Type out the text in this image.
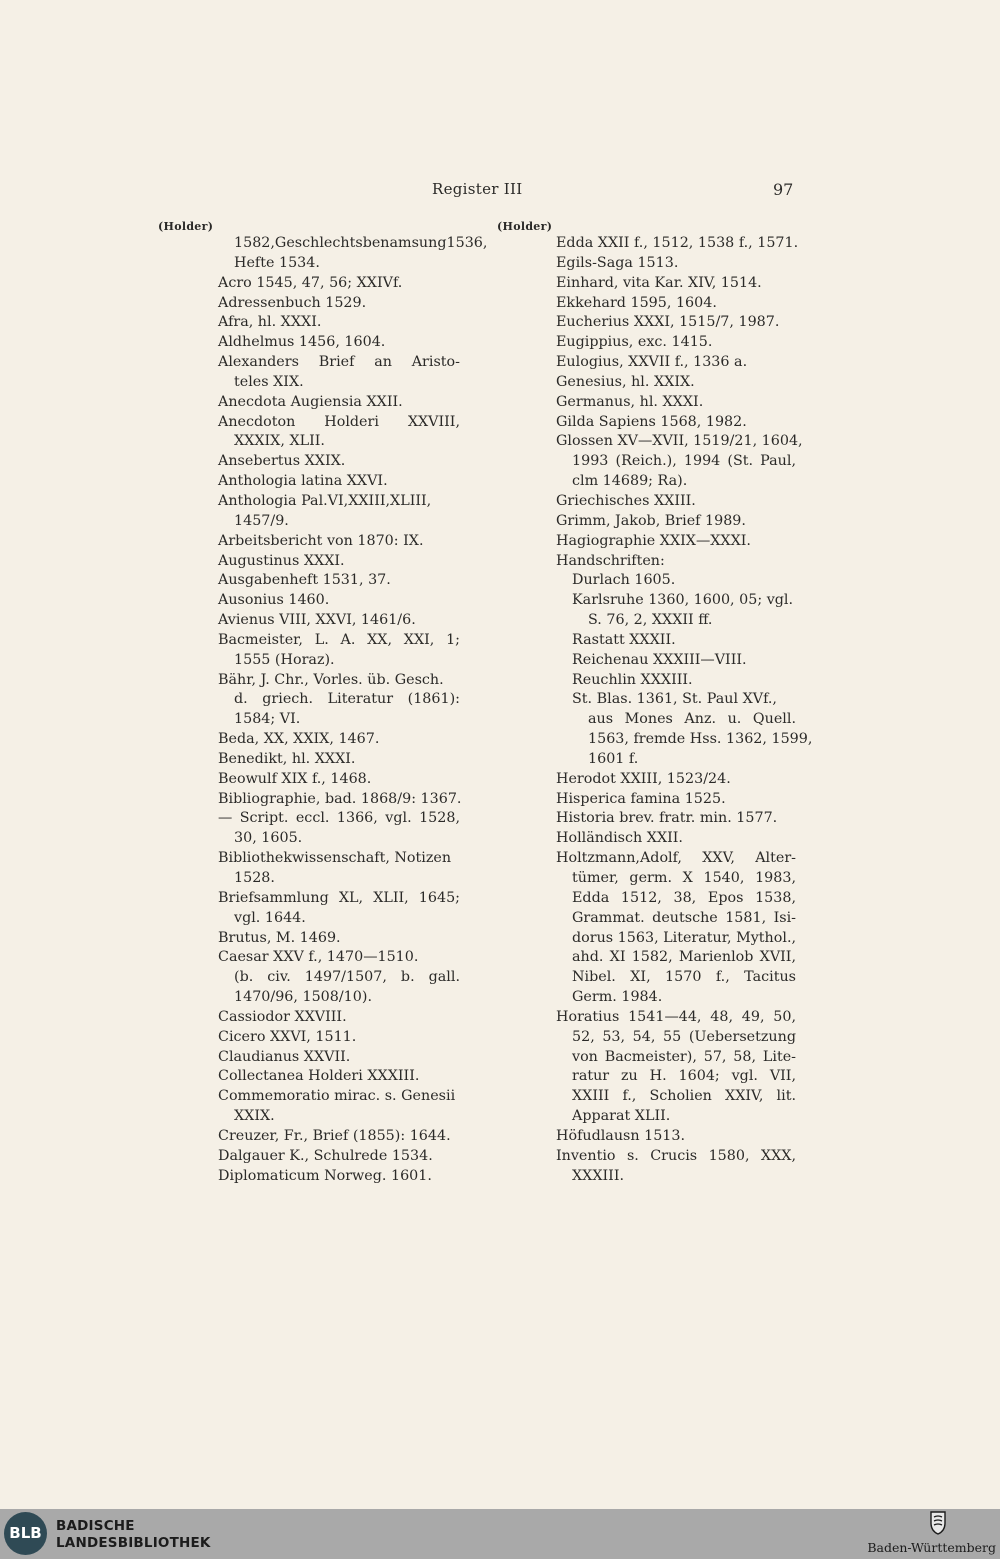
Register III	97
(Holder)	(Holder)
1582,Geschlechtsbenamsung1536,
Hefte 1534.
Acro 1545, 47, 56; XXIVf.
Adressenbuch 1529.
Afra, hl. XXXI.
Aldhelmus 1456, 1604.
Alexanders Brief an Aristo-
teles XIX.
Anecdota Augiensia XXII.
Anecdoton Holderi XXVIII,
XXXIX, XLII.
Ansebertus XXIX.
Anthologia latina XXVI.
Anthologia Pal.VI,XXIII,XLIII,
1457/9.
Arbeitsbericht von 1870: IX.
Augustinus XXXI.
Ausgabenheft 1531, 37.
Ausonius 1460.
Avienus VIII, XXVI, 1461/6.
Bacmeister, L. A. XX, XXI, 1;
1555 (Horaz).
Bähr, J. Chr., Vorles. üb. Gesch.
d. griech. Literatur (1861):
1584; VI.
Beda, XX, XXIX, 1467.
Benedikt, hl. XXXI.
Beowulf XIX f., 1468.
Bibliographie, bad. 1868/9: 1367.
— Script. eccl. 1366, vgl. 1528,
30, 1605.
Bibliothekwissenschaft, Notizen
1528.
Briefsammlung XL, XLII, 1645;
vgl. 1644.
Brutus, M. 1469.
Caesar XXV f., 1470—1510.
(b. civ. 1497/1507, b. gall.
1470/96, 1508/10).
Cassiodor XXVIII.
Cicero XXVI, 1511.
Claudianus XXVII.
Collectanea Holderi XXXIII.
Commemoratio mirac. s. Genesii
XXIX.
Creuzer, Fr., Brief (1855): 1644.
Dalgauer K., Schulrede 1534.
Diplomaticum Norweg. 1601.
Edda XXII f., 1512, 1538 f., 1571.
Egils-Saga 1513.
Einhard, vita Kar. XIV, 1514.
Ekkehard 1595, 1604.
Eucherius XXXI, 1515/7, 1987.
Eugippius, exc. 1415.
Eulogius, XXVII f., 1336 a.
Genesius, hl. XXIX.
Germanus, hl. XXXI.
Gilda Sapiens 1568, 1982.
Glossen XV—XVII, 1519/21, 1604,
1993 (Reich.), 1994 (St. Paul,
clm 14689; Ra).
Griechisches XXIII.
Grimm, Jakob, Brief 1989.
Hagiographie XXIX—XXXI.
Handschriften:
Durlach 1605.
Karlsruhe 1360, 1600, 05; vgl.
S. 76, 2, XXXII ff.
Rastatt XXXII.
Reichenau XXXIII—VIII.
Reuchlin XXXIII.
St. Blas. 1361, St. Paul XVf.,
aus Mones Anz. u. Quell.
1563, fremde Hss. 1362, 1599,
1601 f.
Herodot XXIII, 1523/24.
Hisperica famina 1525.
Historia brev. fratr. min. 1577.
Holländisch XXII.
Holtzmann,Adolf, XXV, Alter-
tümer, germ. X 1540, 1983,
Edda 1512, 38, Epos 1538,
Grammat. deutsche 1581, Isi-
dorus 1563, Literatur, Mythol.,
ahd. XI 1582, Marienlob XVII,
Nibel. XI, 1570 f., Tacitus
Germ. 1984.
Horatius 1541—44, 48, 49, 50,
52, 53, 54, 55 (Uebersetzung
von Bacmeister), 57, 58, Lite-
ratur zu H. 1604; vgl. VII,
XXIII f., Scholien XXIV, lit.
Apparat XLII.
Höfudlausn 1513.
Inventio s. Crucis 1580, XXX,
XXXIII.
BLB	BADISCHE
LANDESBIBLIOTHEK	Baden-Württemberg
